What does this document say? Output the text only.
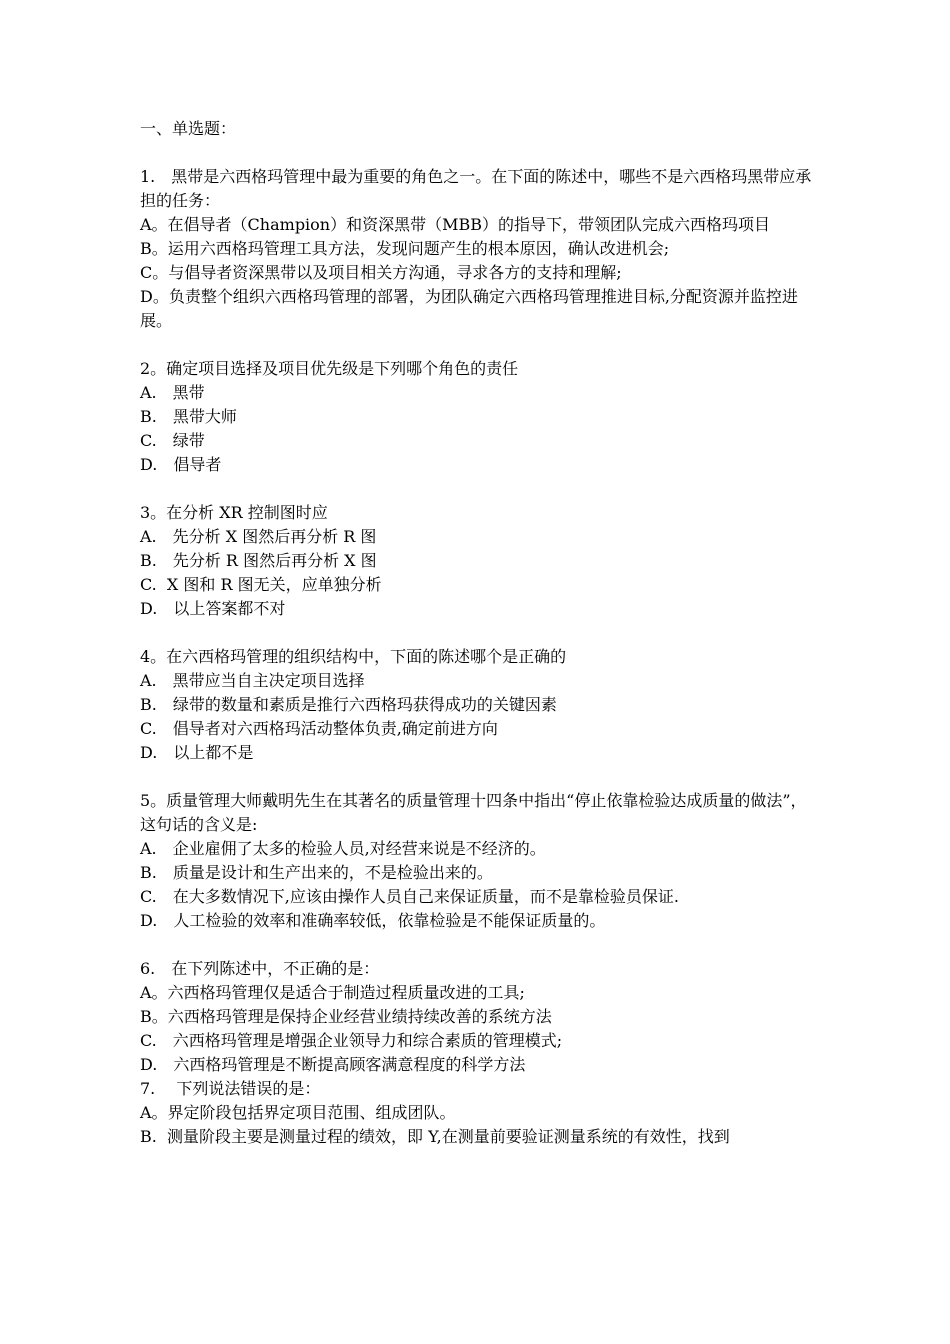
一、单选题：
1.　黑带是六西格玛管理中最为重要的角色之一。在下面的陈述中，哪些不是六西格玛黑带应承担的任务：
A。在倡导者（Champion）和资深黑带（MBB）的指导下，带领团队完成六西格玛项目
B。运用六西格玛管理工具方法，发现问题产生的根本原因，确认改进机会;
C。与倡导者资深黑带以及项目相关方沟通，寻求各方的支持和理解;
D。负责整个组织六西格玛管理的部署，为团队确定六西格玛管理推进目标,分配资源并监控进展。
2。确定项目选择及项目优先级是下列哪个角色的责任
A.　黑带
B.　黑带大师
C.　绿带
D.　倡导者
3。在分析 XR 控制图时应
A.　先分析 X 图然后再分析 R 图
B.　先分析 R 图然后再分析 X 图
C.  X 图和 R 图无关，应单独分析
D.　以上答案都不对
4。在六西格玛管理的组织结构中，下面的陈述哪个是正确的
A.　黑带应当自主决定项目选择
B.　绿带的数量和素质是推行六西格玛获得成功的关键因素
C.　倡导者对六西格玛活动整体负责,确定前进方向
D.　以上都不是
5。质量管理大师戴明先生在其著名的质量管理十四条中指出“停止依靠检验达成质量的做法”，这句话的含义是:
A.　企业雇佣了太多的检验人员,对经营来说是不经济的。
B.　质量是设计和生产出来的，不是检验出来的。
C.　在大多数情况下,应该由操作人员自己来保证质量，而不是靠检验员保证.
D.　人工检验的效率和准确率较低，依靠检验是不能保证质量的。
6.　在下列陈述中，不正确的是：
A。六西格玛管理仅是适合于制造过程质量改进的工具;
B。六西格玛管理是保持企业经营业绩持续改善的系统方法
C.　六西格玛管理是增强企业领导力和综合素质的管理模式;
D.　六西格玛管理是不断提高顾客满意程度的科学方法
7.　 下列说法错误的是：
A。界定阶段包括界定项目范围、组成团队。
B.  测量阶段主要是测量过程的绩效，即 Y,在测量前要验证测量系统的有效性，找到
